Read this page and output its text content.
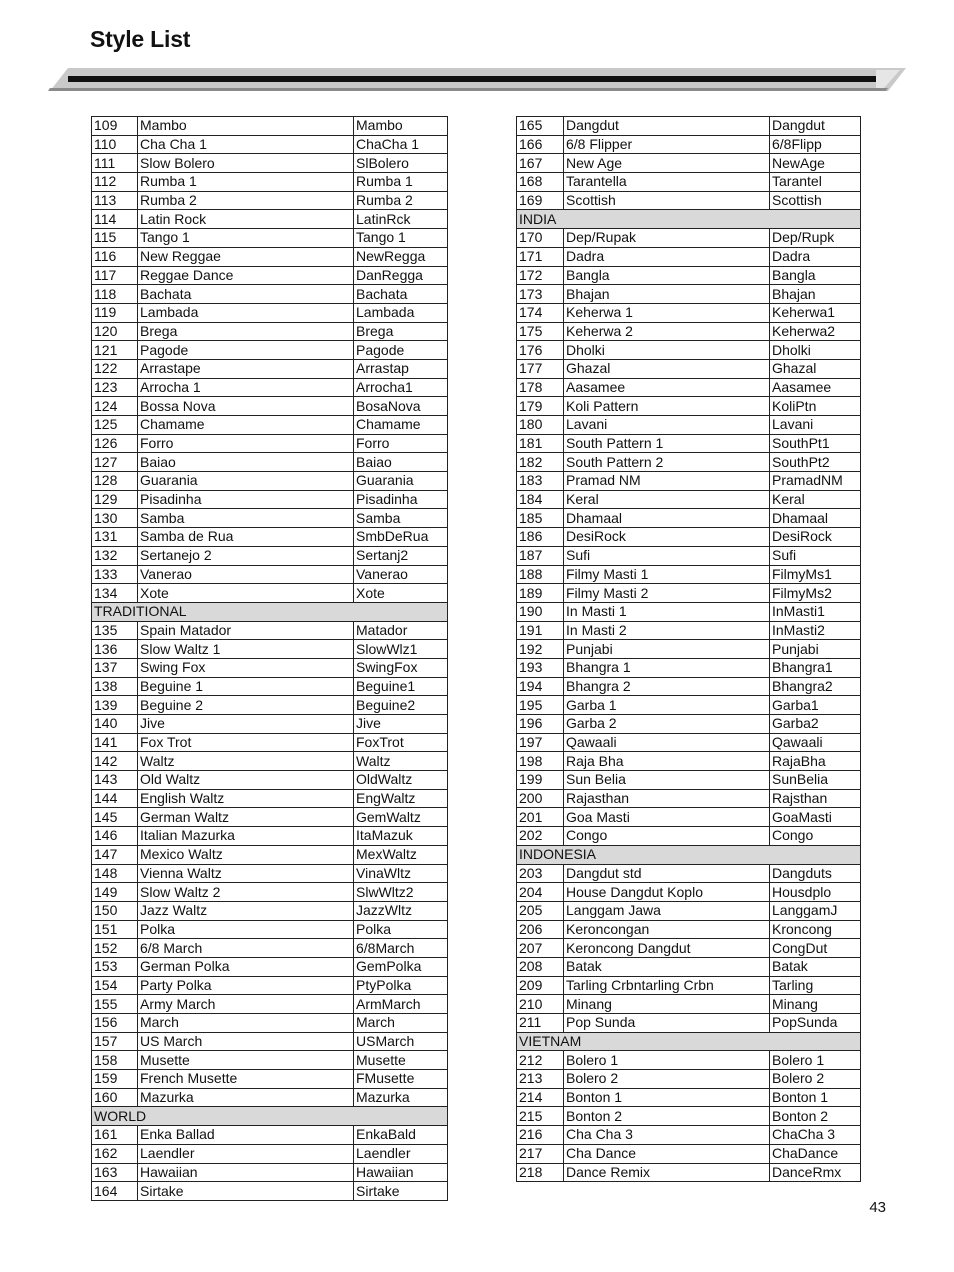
Style List
109	Mambo	Mambo
110	Cha Cha 1	ChaCha 1
111	Slow Bolero	SlBolero
112	Rumba 1	Rumba 1
113	Rumba 2	Rumba 2
114	Latin Rock	LatinRck
115	Tango 1	Tango 1
116	New Reggae	NewRegga
117	Reggae Dance	DanRegga
118	Bachata	Bachata
119	Lambada	Lambada
120	Brega	Brega
121	Pagode	Pagode
122	Arrastape	Arrastap
123	Arrocha 1	Arrocha1
124	Bossa Nova	BosaNova
125	Chamame	Chamame
126	Forro	Forro
127	Baiao	Baiao
128	Guarania	Guarania
129	Pisadinha	Pisadinha
130	Samba	Samba
131	Samba de Rua	SmbDeRua
132	Sertanejo 2	Sertanj2
133	Vanerao	Vanerao
134	Xote	Xote
TRADITIONAL		
135	Spain Matador	Matador
136	Slow Waltz 1	SlowWlz1
137	Swing Fox	SwingFox
138	Beguine 1	Beguine1
139	Beguine 2	Beguine2
140	Jive	Jive
141	Fox Trot	FoxTrot
142	Waltz	Waltz
143	Old Waltz	OldWaltz
144	English Waltz	EngWaltz
145	German Waltz	GemWaltz
146	Italian Mazurka	ItaMazuk
147	Mexico Waltz	MexWaltz
148	Vienna Waltz	VinaWltz
149	Slow Waltz 2	SlwWltz2
150	Jazz Waltz	JazzWltz
151	Polka	Polka
152	6/8 March	6/8March
153	German Polka	GemPolka
154	Party Polka	PtyPolka
155	Army March	ArmMarch
156	March	March
157	US March	USMarch
158	Musette	Musette
159	French Musette	FMusette
160	Mazurka	Mazurka
WORLD		
161	Enka Ballad	EnkaBald
162	Laendler	Laendler
163	Hawaiian	Hawaiian
164	Sirtake	Sirtake
165	Dangdut	Dangdut
166	6/8 Flipper	6/8Flipp
167	New Age	NewAge
168	Tarantella	Tarantel
169	Scottish	Scottish
INDIA		
170	Dep/Rupak	Dep/Rupk
171	Dadra	Dadra
172	Bangla	Bangla
173	Bhajan	Bhajan
174	Keherwa 1	Keherwa1
175	Keherwa 2	Keherwa2
176	Dholki	Dholki
177	Ghazal	Ghazal
178	Aasamee	Aasamee
179	Koli Pattern	KoliPtn
180	Lavani	Lavani
181	South Pattern 1	SouthPt1
182	South Pattern 2	SouthPt2
183	Pramad NM	PramadNM
184	Keral	Keral
185	Dhamaal	Dhamaal
186	DesiRock	DesiRock
187	Sufi	Sufi
188	Filmy Masti 1	FilmyMs1
189	Filmy Masti 2	FilmyMs2
190	In Masti 1	InMasti1
191	In Masti 2	InMasti2
192	Punjabi	Punjabi
193	Bhangra 1	Bhangra1
194	Bhangra 2	Bhangra2
195	Garba 1	Garba1
196	Garba 2	Garba2
197	Qawaali	Qawaali
198	Raja Bha	RajaBha
199	Sun Belia	SunBelia
200	Rajasthan	Rajsthan
201	Goa Masti	GoaMasti
202	Congo	Congo
INDONESIA		
203	Dangdut std	Dangduts
204	House Dangdut Koplo	Housdplo
205	Langgam Jawa	LanggamJ
206	Keroncongan	Kroncong
207	Keroncong Dangdut	CongDut
208	Batak	Batak
209	Tarling Crbntarling Crbn	Tarling
210	Minang	Minang
211	Pop Sunda	PopSunda
VIETNAM		
212	Bolero 1	Bolero 1
213	Bolero 2	Bolero 2
214	Bonton 1	Bonton 1
215	Bonton 2	Bonton 2
216	Cha Cha 3	ChaCha 3
217	Cha Dance	ChaDance
218	Dance Remix	DanceRmx
43
